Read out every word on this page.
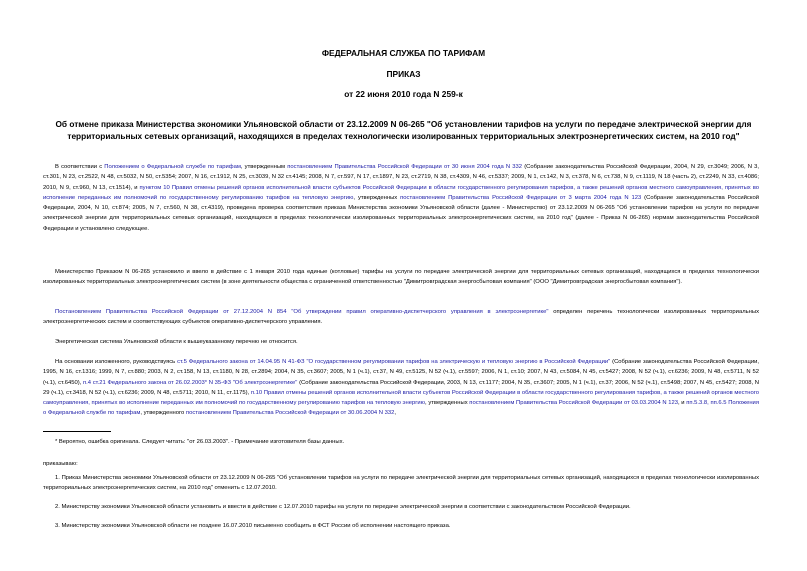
ФЕДЕРАЛЬНАЯ СЛУЖБА ПО ТАРИФАМ
ПРИКАЗ
от 22 июня 2010 года N 259-к
Об отмене приказа Министерства экономики Ульяновской области от 23.12.2009 N 06-265 "Об установлении тарифов на услуги по передаче электрической энергии для территориальных сетевых организаций, находящихся в пределах технологически изолированных территориальных электроэнергетических систем, на 2010 год"
В соответствии с Положением о Федеральной службе по тарифам, утвержденным постановлением Правительства Российской Федерации от 30 июня 2004 года N 332 (Собрание законодательства Российской Федерации, 2004, N 29, ст.3049; 2006, N 3, ст.301, N 23, ст.2522, N 48, ст.5032, N 50, ст.5354; 2007, N 16, ст.1912, N 25, ст.3039, N 32 ст.4145; 2008, N 7, ст.597, N 17, ст.1897, N 23, ст.2719, N 38, ст.4309, N 46, ст.5337; 2009, N 1, ст.142, N 3, ст.378, N 6, ст.738, N 9, ст.1119, N 18 (часть 2), ст.2249, N 33, ст.4086; 2010, N 9, ст.960, N 13, ст.1514), и пунктом 10 Правил отмены решений органов исполнительной власти субъектов Российской Федерации в области государственного регулирования тарифов, а также решений органов местного самоуправления, принятых во исполнение переданных им полномочий по государственному регулированию тарифов на тепловую энергию, утвержденных постановлением Правительства Российской Федерации от 3 марта 2004 года N 123 (Собрание законодательства Российской Федерации, 2004, N 10, ст.874; 2005, N 7, ст.560, N 38, ст.4319), проведена проверка соответствия приказа Министерства экономики Ульяновской области (далее - Министерство) от 23.12.2009 N 06-265 "Об установлении тарифов на услуги по передаче электрической энергии для территориальных сетевых организаций, находящихся в пределах технологически изолированных территориальных электроэнергетических систем, на 2010 год" (далее - Приказ N 06-265) нормам законодательства Российской Федерации и установлено следующее.
Министерство Приказом N 06-265 установило и ввело в действие с 1 января 2010 года единые (котловые) тарифы на услуги по передаче электрической энергии для территориальных сетевых организаций, находящихся в пределах технологически изолированных территориальных электроэнергетических систем (в зоне деятельности общества с ограниченной ответственностью "Димитровградская энергосбытовая компания" (ООО "Димитровградская энергосбытовая компания").
Постановлением Правительства Российской Федерации от 27.12.2004 N 854 "Об утверждении правил оперативно-диспетчерского управления в электроэнергетике" определен перечень технологически изолированных территориальных электроэнергетических систем и соответствующих субъектов оперативно-диспетчерского управления.
Энергетическая система Ульяновской области к вышеуказанному перечню не относится.
На основании изложенного, руководствуясь ст.5 Федерального закона от 14.04.95 N 41-ФЗ "О государственном регулировании тарифов на электрическую и тепловую энергию в Российской Федерации" (Собрание законодательства Российской Федерации, 1995, N 16, ст.1316; 1999, N 7, ст.880; 2003, N 2, ст.158, N 13, ст.1180, N 28, ст.2894; 2004, N 35, ст.3607; 2005, N 1 (ч.1), ст.37, N 49, ст.5125, N 52 (ч.1), ст.5597; 2006, N 1, ст.10; 2007, N 43, ст.5084, N 45, ст.5427; 2008, N 52 (ч.1), ст.6236; 2009, N 48, ст.5711, N 52 (ч.1), ст.6450), п.4 ст.21 Федерального закона от 26.02.2003* N 35-ФЗ "Об электроэнергетике" (Собрание законодательства Российской Федерации, 2003, N 13, ст.1177; 2004, N 35, ст.3607; 2005, N 1 (ч.1), ст.37; 2006, N 52 (ч.1), ст.5498; 2007, N 45, ст.5427; 2008, N 29 (ч.1), ст.3418, N 52 (ч.1), ст.6236; 2009, N 48, ст.5711; 2010, N 11, ст.1175), п.10 Правил отмены решений органов исполнительной власти субъектов Российской Федерации в области государственного регулирования тарифов, а также решений органов местного самоуправления, принятых во исполнение переданных им полномочий по государственному регулированию тарифов на тепловую энергию, утвержденных постановлением Правительства Российской Федерации от 03.03.2004 N 123, и пп.5.3.8, пп.6.5 Положения о Федеральной службе по тарифам, утвержденного постановлением Правительства Российской Федерации от 30.06.2004 N 332,
* Вероятно, ошибка оригинала. Следует читать: "от 26.03.2003". - Примечание изготовителя базы данных.
приказываю:
1. Приказ Министерства экономики Ульяновской области от 23.12.2009 N 06-265 "Об установлении тарифов на услуги по передаче электрической энергии для территориальных сетевых организаций, находящихся в пределах технологически изолированных территориальных электроэнергетических систем, на 2010 год" отменить с 12.07.2010.
2. Министерству экономики Ульяновской области установить и ввести в действие с 12.07.2010 тарифы на услуги по передаче электрической энергии в соответствии с законодательством Российской Федерации.
3. Министерству экономики Ульяновской области не позднее 16.07.2010 письменно сообщить в ФСТ России об исполнении настоящего приказа.
